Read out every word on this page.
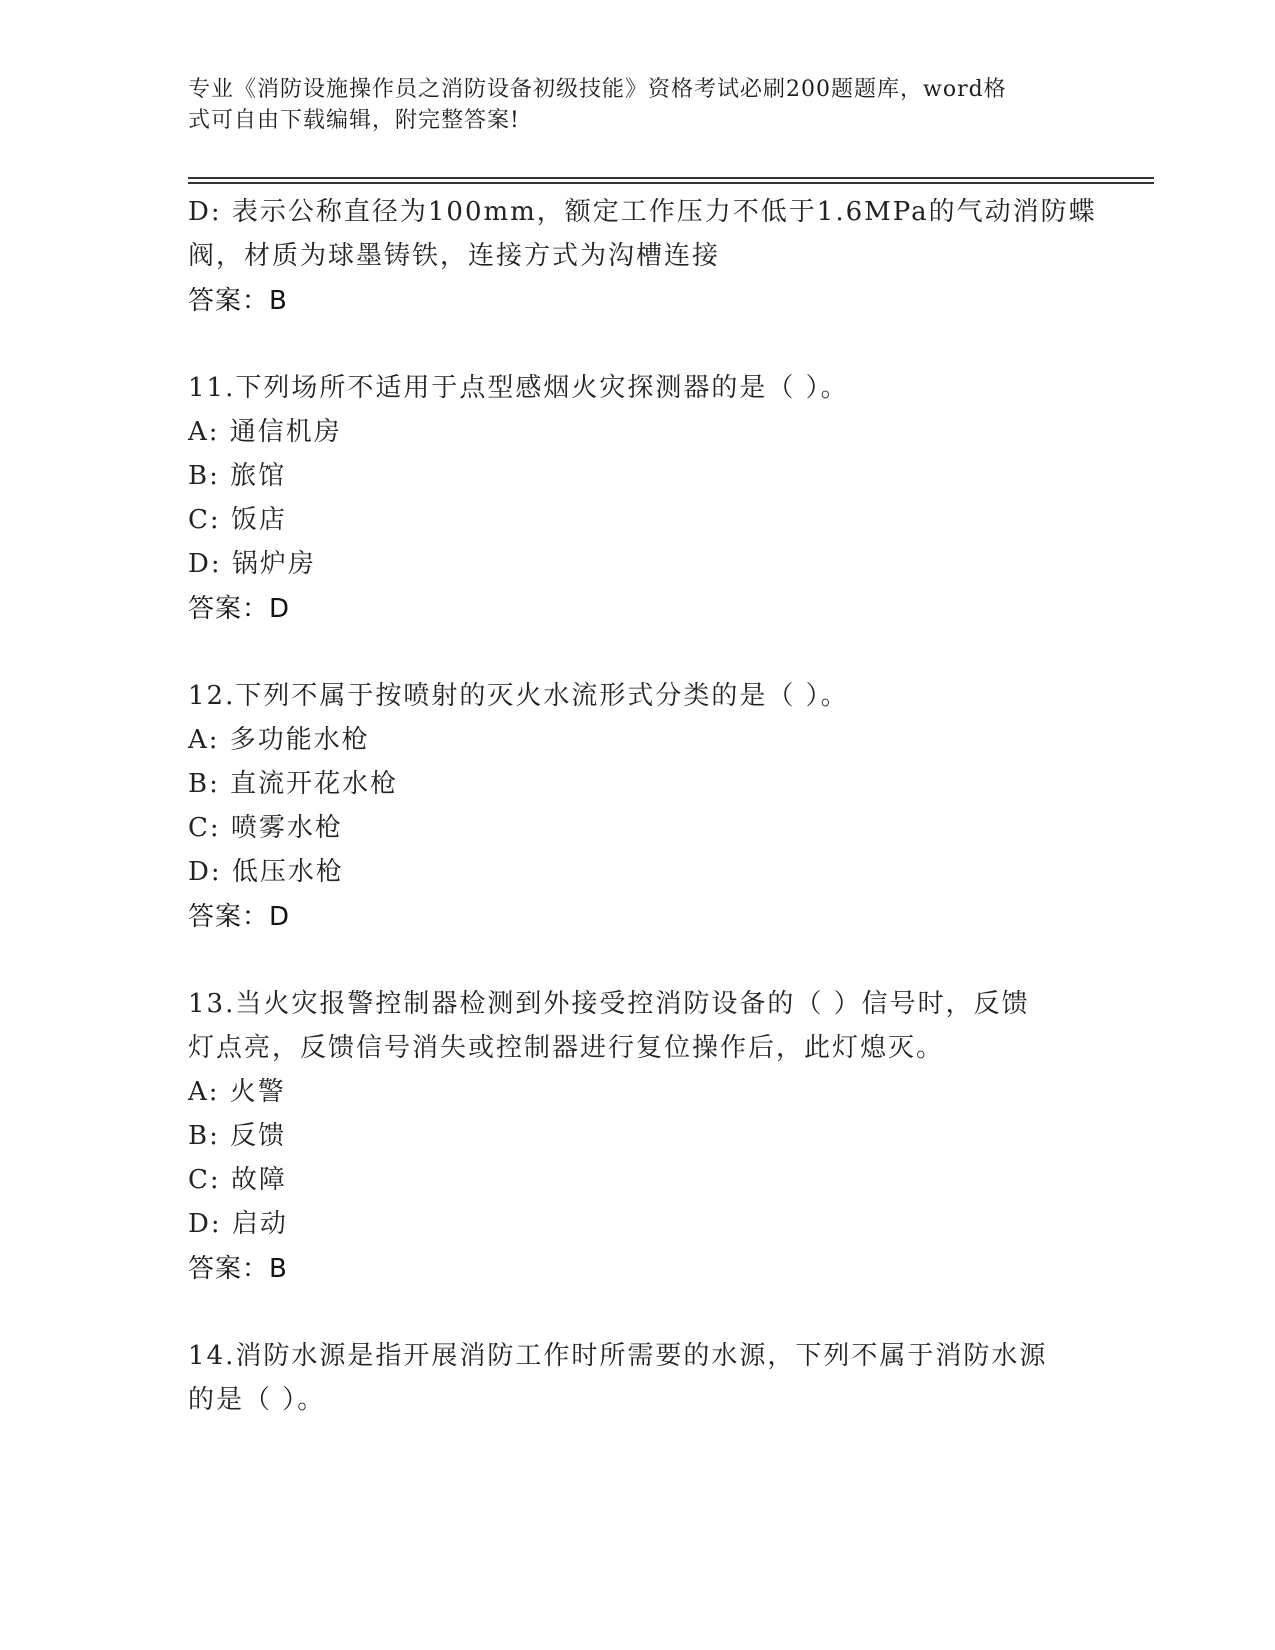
专业《消防设施操作员之消防设备初级技能》资格考试必刷200题题库，word格
式可自由下载编辑，附完整答案!
D: 表示公称直径为100mm，额定工作压力不低于1.6MPa的气动消防蝶
阀，材质为球墨铸铁，连接方式为沟槽连接
答案：B
11.下列场所不适用于点型感烟火灾探测器的是（ ）。
A: 通信机房
B: 旅馆
C: 饭店
D: 锅炉房
答案：D
12.下列不属于按喷射的灭火水流形式分类的是（ ）。
A: 多功能水枪
B: 直流开花水枪
C: 喷雾水枪
D: 低压水枪
答案：D
13.当火灾报警控制器检测到外接受控消防设备的（ ）信号时，反馈
灯点亮，反馈信号消失或控制器进行复位操作后，此灯熄灭。
A: 火警
B: 反馈
C: 故障
D: 启动
答案：B
14.消防水源是指开展消防工作时所需要的水源，下列不属于消防水源
的是（ ）。
